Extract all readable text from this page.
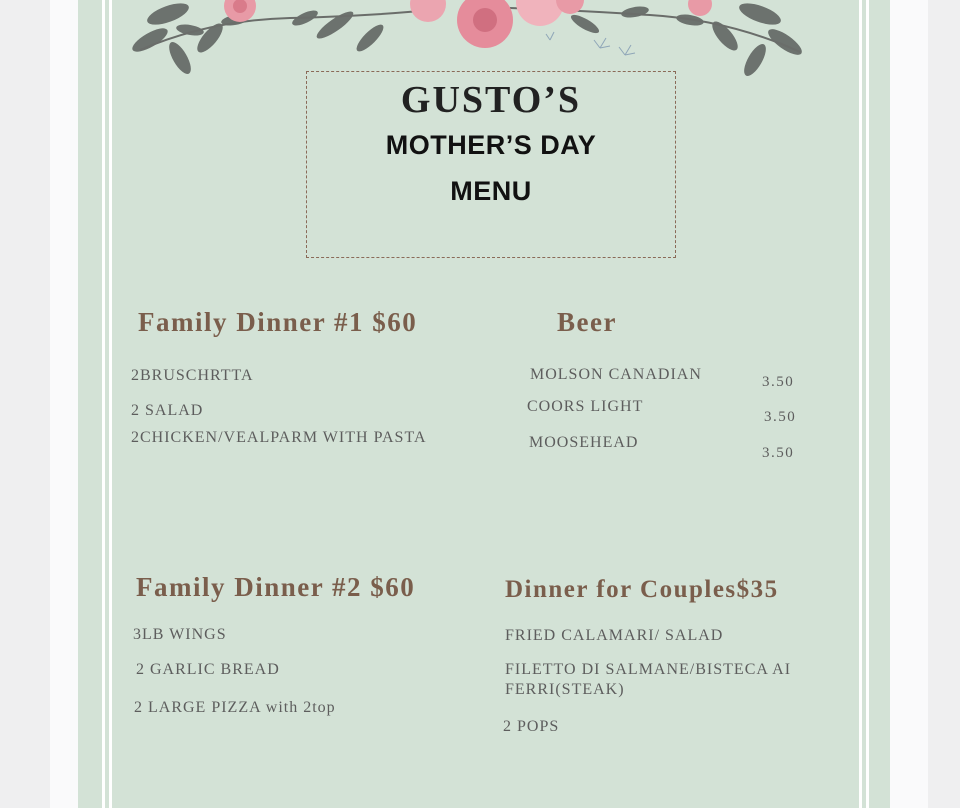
GUSTO’S
MOTHER’S DAY
MENU
Family Dinner #1 $60
2BRUSCHRTTA
2 SALAD
2CHICKEN/VEALPARM WITH PASTA
Beer
MOLSON CANADIAN	3.50
COORS LIGHT
3.50
MOOSEHEAD
3.50
Family Dinner #2 $60
3LB WINGS
2 GARLIC BREAD
2 LARGE PIZZA with 2top
Dinner for Couples$35
FRIED CALAMARI/ SALAD
FILETTO DI SALMANE/BISTECA AI FERRI(STEAK)
2 POPS
